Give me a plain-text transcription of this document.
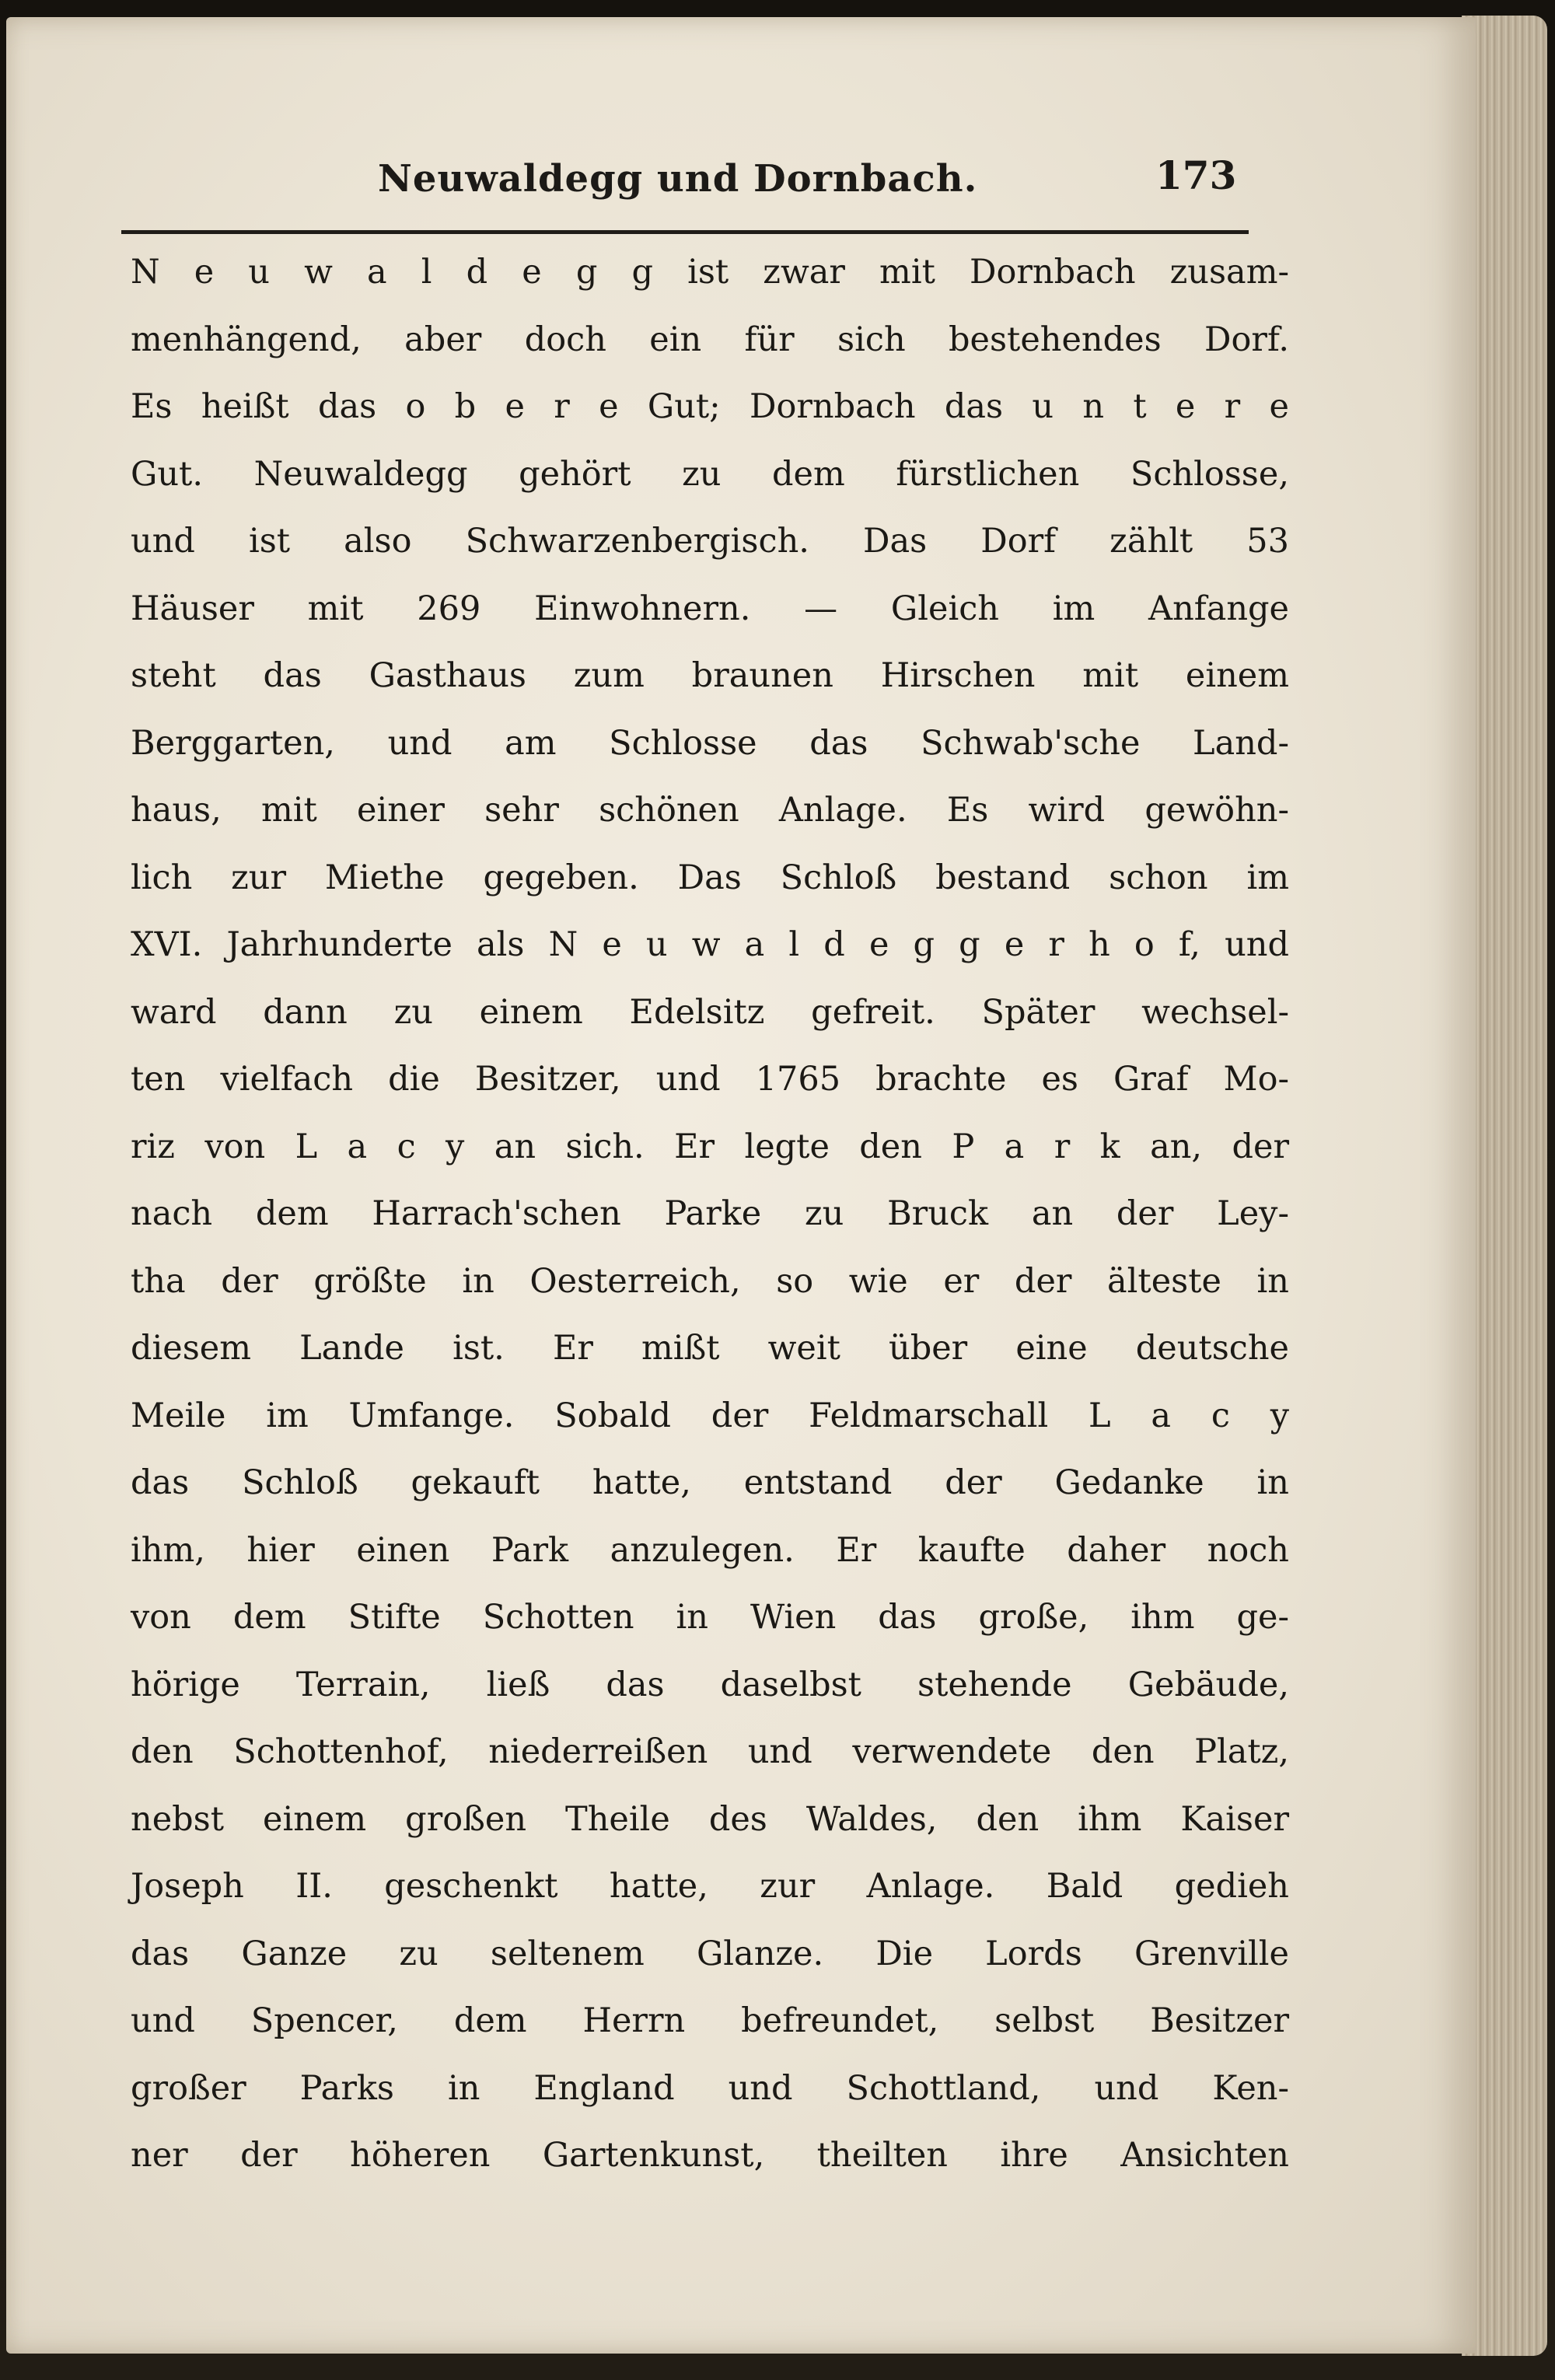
Neuwaldegg und Dornbach.	173
N e u w a l d e g g ist zwar mit Dornbach zusam-
menhängend, aber doch ein für sich bestehendes Dorf.
Es heißt das o b e r e Gut; Dornbach das u n t e r e
Gut. Neuwaldegg gehört zu dem fürstlichen Schlosse,
und ist also Schwarzenbergisch. Das Dorf zählt 53
Häuser mit 269 Einwohnern. — Gleich im Anfange
steht das Gasthaus zum braunen Hirschen mit einem
Berggarten, und am Schlosse das Schwab'sche Land-
haus, mit einer sehr schönen Anlage. Es wird gewöhn-
lich zur Miethe gegeben. Das Schloß bestand schon im
XVI. Jahrhunderte als N e u w a l d e g g e r h o f, und
ward dann zu einem Edelsitz gefreit. Später wechsel-
ten vielfach die Besitzer, und 1765 brachte es Graf Mo-
riz von L a c y an sich. Er legte den P a r k an, der
nach dem Harrach'schen Parke zu Bruck an der Ley-
tha der größte in Oesterreich, so wie er der älteste in
diesem Lande ist. Er mißt weit über eine deutsche
Meile im Umfange. Sobald der Feldmarschall L a c y
das Schloß gekauft hatte, entstand der Gedanke in
ihm, hier einen Park anzulegen. Er kaufte daher noch
von dem Stifte Schotten in Wien das große, ihm ge-
hörige Terrain, ließ das daselbst stehende Gebäude,
den Schottenhof, niederreißen und verwendete den Platz,
nebst einem großen Theile des Waldes, den ihm Kaiser
Joseph II. geschenkt hatte, zur Anlage. Bald gedieh
das Ganze zu seltenem Glanze. Die Lords Grenville
und Spencer, dem Herrn befreundet, selbst Besitzer
großer Parks in England und Schottland, und Ken-
ner der höheren Gartenkunst, theilten ihre Ansichten
